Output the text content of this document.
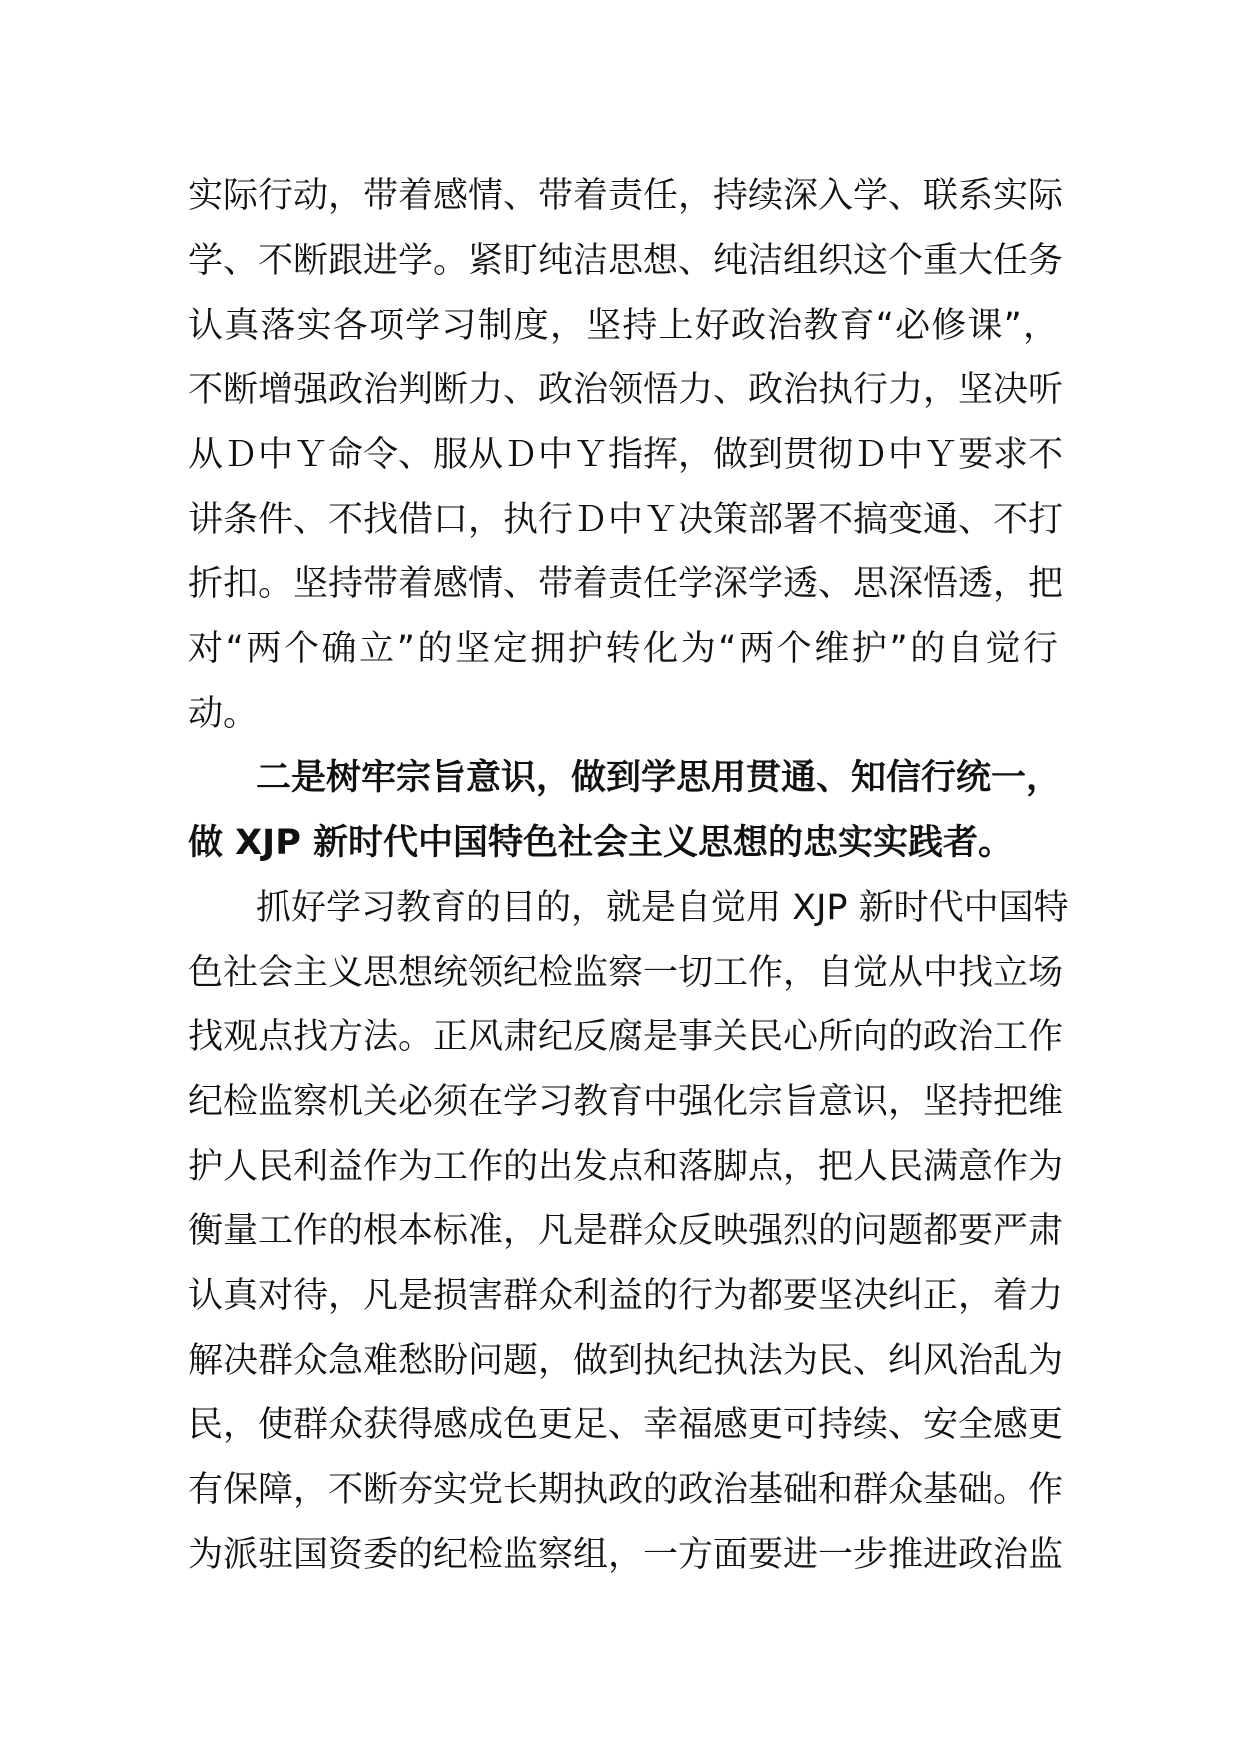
实际行动，带着感情、带着责任，持续深入学、联系实际
学、不断跟进学。紧盯纯洁思想、纯洁组织这个重大任务
认真落实各项学习制度，坚持上好政治教育“必修课”，
不断增强政治判断力、政治领悟力、政治执行力，坚决听
从Ｄ中Ｙ命令、服从Ｄ中Ｙ指挥，做到贯彻Ｄ中Ｙ要求不
讲条件、不找借口，执行Ｄ中Ｙ决策部署不搞变通、不打
折扣。坚持带着感情、带着责任学深学透、思深悟透，把
对“两个确立”的坚定拥护转化为“两个维护”的自觉行
动。
二是树牢宗旨意识，做到学思用贯通、知信行统一，
做 XJP 新时代中国特色社会主义思想的忠实实践者。
抓好学习教育的目的，就是自觉用 XJP 新时代中国特
色社会主义思想统领纪检监察一切工作，自觉从中找立场
找观点找方法。正风肃纪反腐是事关民心所向的政治工作
纪检监察机关必须在学习教育中强化宗旨意识，坚持把维
护人民利益作为工作的出发点和落脚点，把人民满意作为
衡量工作的根本标准，凡是群众反映强烈的问题都要严肃
认真对待，凡是损害群众利益的行为都要坚决纠正，着力
解决群众急难愁盼问题，做到执纪执法为民、纠风治乱为
民，使群众获得感成色更足、幸福感更可持续、安全感更
有保障，不断夯实党长期执政的政治基础和群众基础。作
为派驻国资委的纪检监察组，一方面要进一步推进政治监
